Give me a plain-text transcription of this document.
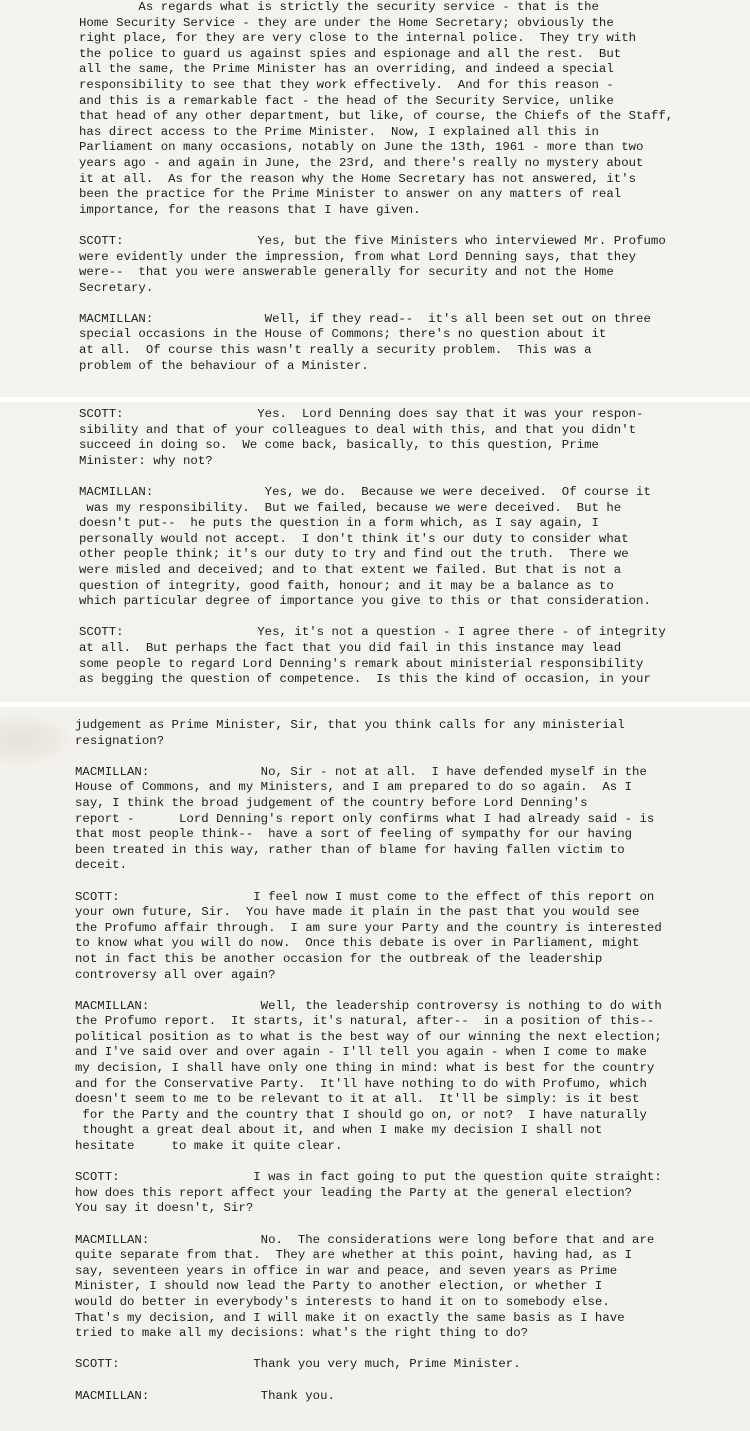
As regards what is strictly the security service - that is the
Home Security Service - they are under the Home Secretary; obviously the
right place, for they are very close to the internal police.  They try with
the police to guard us against spies and espionage and all the rest.  But
all the same, the Prime Minister has an overriding, and indeed a special
responsibility to see that they work effectively.  And for this reason -
and this is a remarkable fact - the head of the Security Service, unlike
that head of any other department, but like, of course, the Chiefs of the Staff,
has direct access to the Prime Minister.  Now, I explained all this in
Parliament on many occasions, notably on June the 13th, 1961 - more than two
years ago - and again in June, the 23rd, and there's really no mystery about
it at all.  As for the reason why the Home Secretary has not answered, it's
been the practice for the Prime Minister to answer on any matters of real
importance, for the reasons that I have given.
SCOTT:                  Yes, but the five Ministers who interviewed Mr. Profumo
were evidently under the impression, from what Lord Denning says, that they
were--  that you were answerable generally for security and not the Home
Secretary.
MACMILLAN:               Well, if they read--  it's all been set out on three
special occasions in the House of Commons; there's no question about it
at all.  Of course this wasn't really a security problem.  This was a
problem of the behaviour of a Minister.
SCOTT:                  Yes.  Lord Denning does say that it was your respon-
sibility and that of your colleagues to deal with this, and that you didn't
succeed in doing so.  We come back, basically, to this question, Prime
Minister: why not?
MACMILLAN:               Yes, we do.  Because we were deceived.  Of course it
was my responsibility.  But we failed, because we were deceived.  But he
doesn't put--  he puts the question in a form which, as I say again, I
personally would not accept.  I don't think it's our duty to consider what
other people think; it's our duty to try and find out the truth.  There we
were misled and deceived; and to that extent we failed. But that is not a
question of integrity, good faith, honour; and it may be a balance as to
which particular degree of importance you give to this or that consideration.
SCOTT:                  Yes, it's not a question - I agree there - of integrity
at all.  But perhaps the fact that you did fail in this instance may lead
some people to regard Lord Denning's remark about ministerial responsibility
as begging the question of competence.  Is this the kind of occasion, in your
judgement as Prime Minister, Sir, that you think calls for any ministerial
resignation?
MACMILLAN:               No, Sir - not at all.  I have defended myself in the
House of Commons, and my Ministers, and I am prepared to do so again.  As I
say, I think the broad judgement of the country before Lord Denning's
report -      Lord Denning's report only confirms what I had already said - is
that most people think--  have a sort of feeling of sympathy for our having
been treated in this way, rather than of blame for having fallen victim to
deceit.
SCOTT:                  I feel now I must come to the effect of this report on
your own future, Sir.  You have made it plain in the past that you would see
the Profumo affair through.  I am sure your Party and the country is interested
to know what you will do now.  Once this debate is over in Parliament, might
not in fact this be another occasion for the outbreak of the leadership
controversy all over again?
MACMILLAN:               Well, the leadership controversy is nothing to do with
the Profumo report.  It starts, it's natural, after--  in a position of this--
political position as to what is the best way of our winning the next election;
and I've said over and over again - I'll tell you again - when I come to make
my decision, I shall have only one thing in mind: what is best for the country
and for the Conservative Party.  It'll have nothing to do with Profumo, which
doesn't seem to me to be relevant to it at all.  It'll be simply: is it best
for the Party and the country that I should go on, or not?  I have naturally
thought a great deal about it, and when I make my decision I shall not
hesitate     to make it quite clear.
SCOTT:                  I was in fact going to put the question quite straight:
how does this report affect your leading the Party at the general election?
You say it doesn't, Sir?
MACMILLAN:               No.  The considerations were long before that and are
quite separate from that.  They are whether at this point, having had, as I
say, seventeen years in office in war and peace, and seven years as Prime
Minister, I should now lead the Party to another election, or whether I
would do better in everybody's interests to hand it on to somebody else.
That's my decision, and I will make it on exactly the same basis as I have
tried to make all my decisions: what's the right thing to do?
SCOTT:                  Thank you very much, Prime Minister.
MACMILLAN:               Thank you.
